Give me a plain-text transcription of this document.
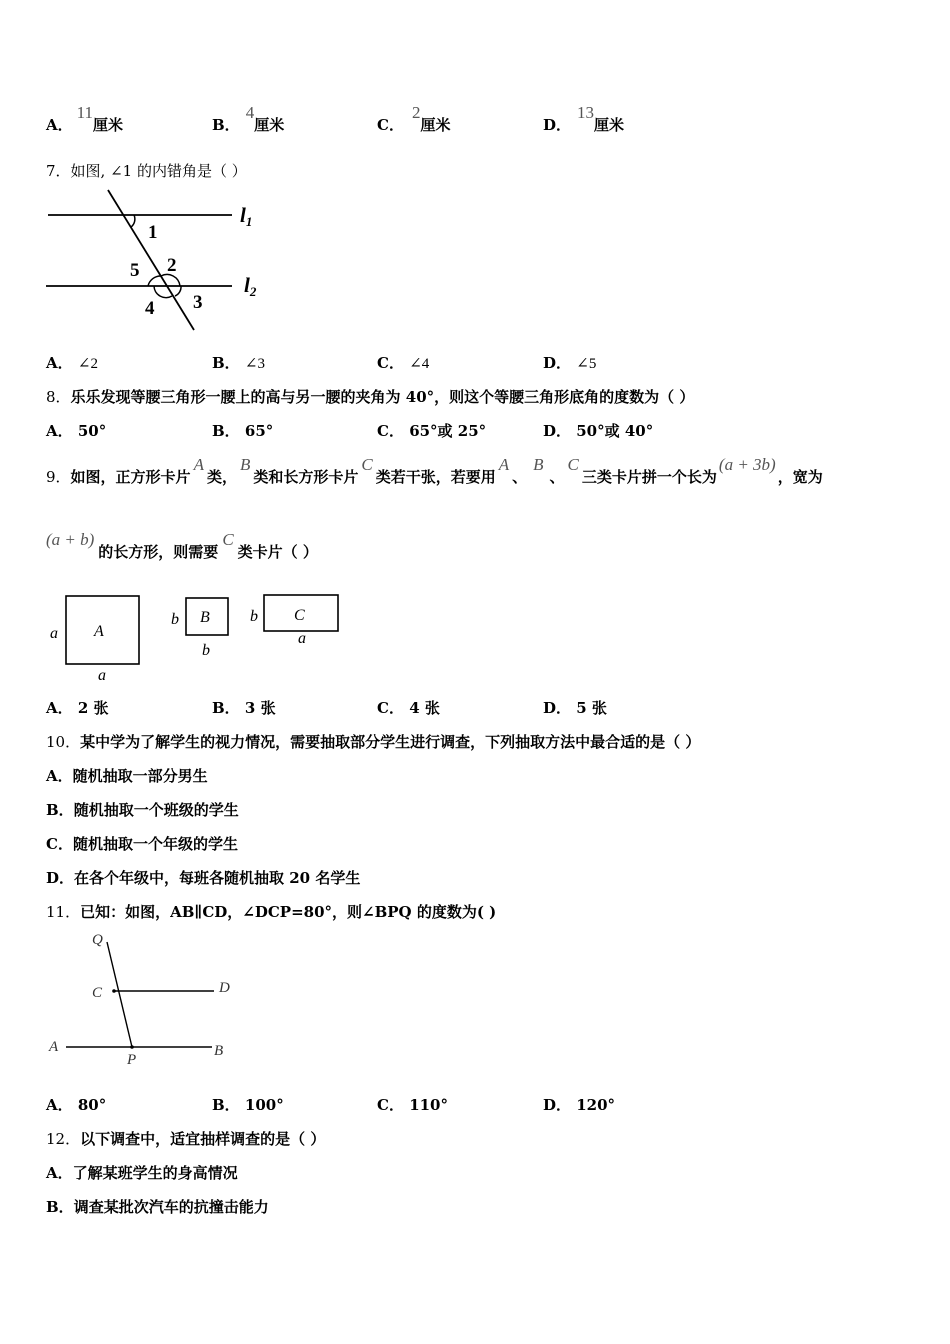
A．11厘米	B．4厘米	C．2厘米	D．13厘米
7．如图, ∠1 的内错角是（ ）
1
2
5
3
4
l1
l2
A． ∠2	B． ∠3	C． ∠4	D． ∠5
8．乐乐发现等腰三角形一腰上的高与另一腰的夹角为 40°，则这个等腰三角形底角的度数为（ ）
A． 50°	B． 65°	C． 65°或 25°	D． 50°或 40°
9．如图，正方形卡片A类，B类和长方形卡片C类若干张，若要用A、B、C三类卡片拼一个长为(a + 3b)，宽为
(a + b)的长方形，则需要C类卡片（ ）
A
a
a
B
b
b
C
b
a
A． 2 张	B． 3 张	C． 4 张	D． 5 张
10．某中学为了解学生的视力情况，需要抽取部分学生进行调查，下列抽取方法中最合适的是（ ）
A．随机抽取一部分男生
B．随机抽取一个班级的学生
C．随机抽取一个年级的学生
D．在各个年级中，每班各随机抽取 20 名学生
11．已知：如图，AB∥CD，∠DCP=80°，则∠BPQ 的度数为( )
Q
C	D
A
P
B
A． 80°	B． 100°	C． 110°	D． 120°
12．以下调查中，适宜抽样调查的是（ ）
A．了解某班学生的身高情况
B．调查某批次汽车的抗撞击能力
